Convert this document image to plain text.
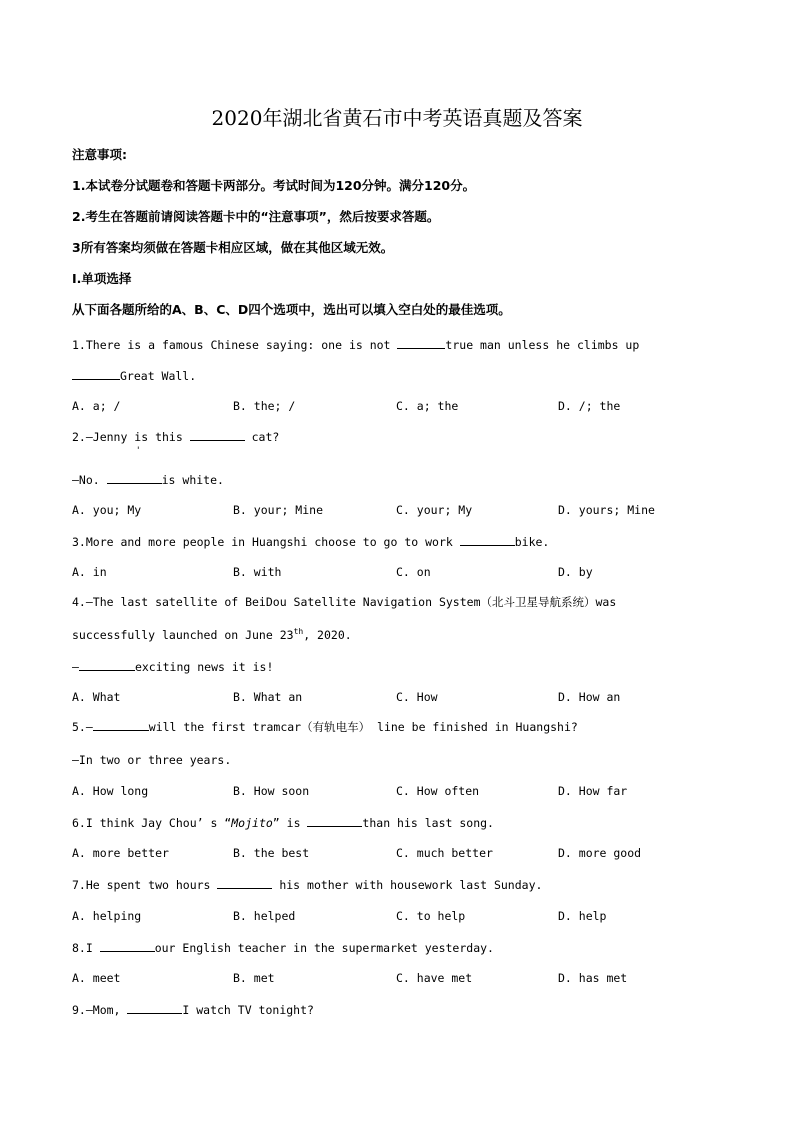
2020年湖北省黄石市中考英语真题及答案
注意事项:
1.本试卷分试题卷和答题卡两部分。考试时间为120分钟。满分120分。
2.考生在答题前请阅读答题卡中的“注意事项”，然后按要求答题。
3所有答案均须做在答题卡相应区域，做在其他区域无效。
I.单项选择
从下面各题所给的A、B、C、D四个选项中，选出可以填入空白处的最佳选项。
1.There is a famous Chinese saying: one is not	true man unless he climbs up
Great Wall.
A. a; /	B. the; /	C. a; the	D. /; the
2.—Jenny is this	cat?
'
—No.	is white.
A. you; My	B. your; Mine	C. your; My	D. yours; Mine
3.More and more people in Huangshi choose to go to work	bike.
A. in	B. with	C. on	D. by
4.—The last satellite of BeiDou Satellite Navigation System（北斗卫星导航系统）was
successfully launched on June 23th, 2020.
—	exciting news it is!
A. What	B. What an	C. How	D. How an
5.—	will the first tramcar（有轨电车） line be finished in Huangshi?
—In two or three years.
A. How long	B. How soon	C. How often	D. How far
6.I think Jay Chou’ s “Mojito” is	than his last song.
A. more better	B. the best	C. much better	D. more good
7.He spent two hours	his mother with housework last Sunday.
A. helping	B. helped	C. to help	D. help
8.I	our English teacher in the supermarket yesterday.
A. meet	B. met	C. have met	D. has met
9.—Mom,	I watch TV tonight?
